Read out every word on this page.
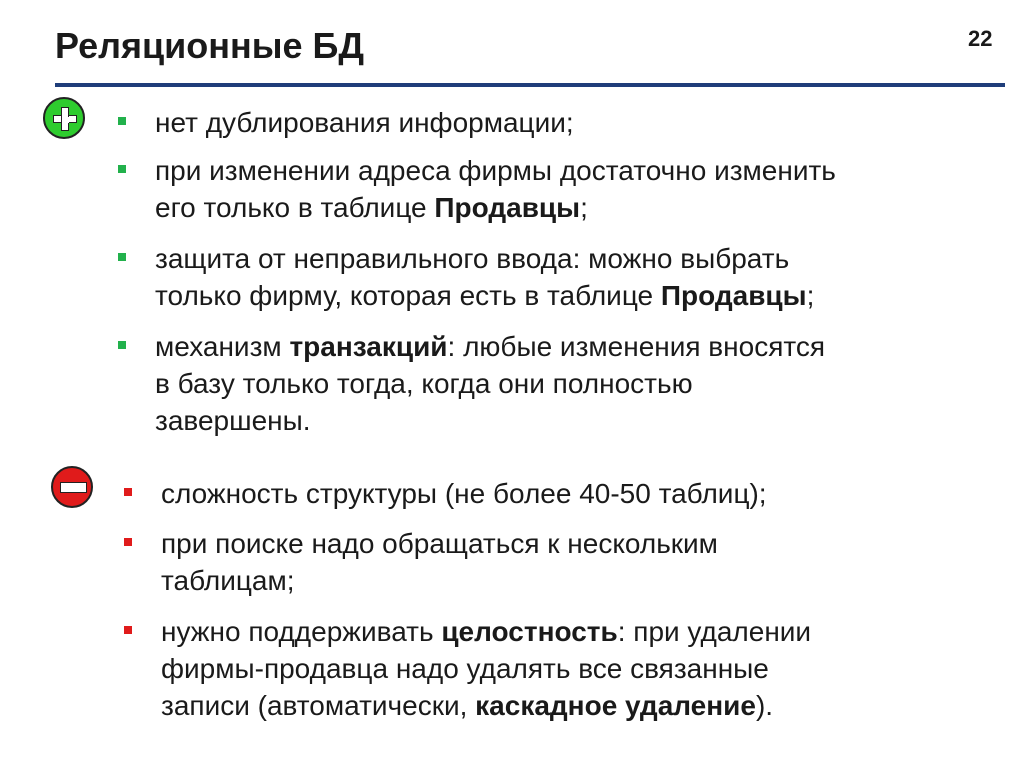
Реляционные БД	22
нет дублирования информации;
при изменении адреса фирмы достаточно изменить
его только в таблице Продавцы;
защита от неправильного ввода: можно выбрать
только фирму, которая есть в таблице Продавцы;
механизм транзакций: любые изменения вносятся
в базу только тогда, когда они полностью
завершены.
сложность структуры (не более 40-50 таблиц);
при поиске надо обращаться к нескольким
таблицам;
нужно поддерживать целостность: при удалении
фирмы-продавца надо удалять все связанные
записи (автоматически, каскадное удаление).
